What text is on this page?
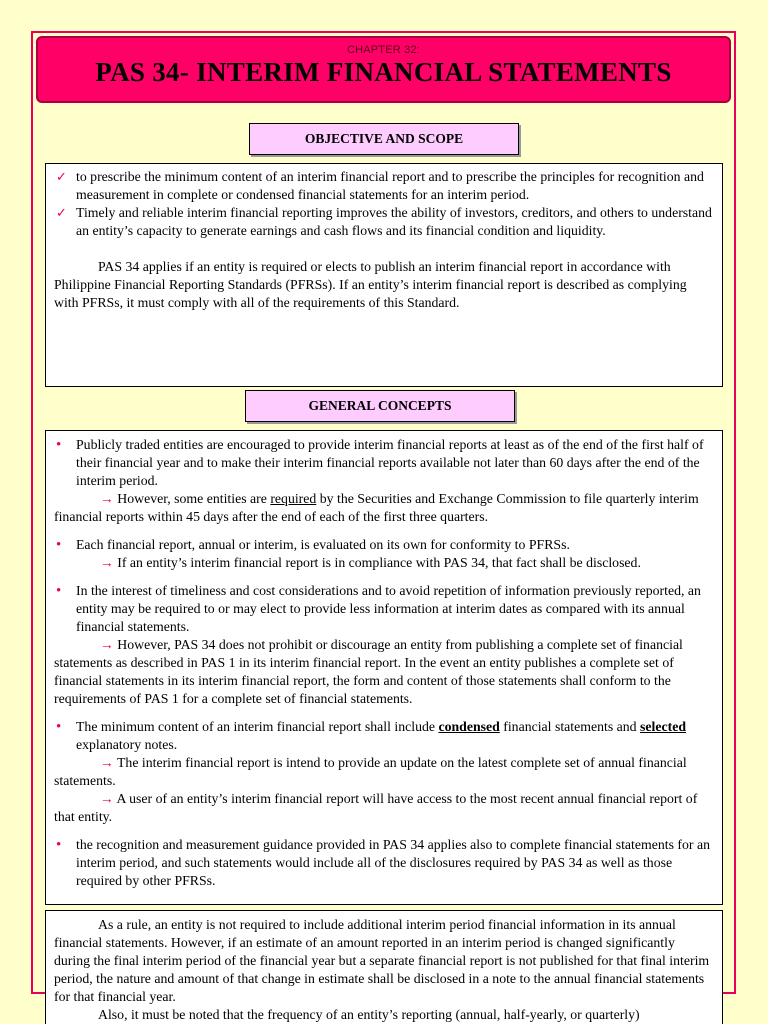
CHAPTER 32:
PAS 34- INTERIM FINANCIAL STATEMENTS
OBJECTIVE AND SCOPE
✓ to prescribe the minimum content of an interim financial report and to prescribe the principles for recognition and measurement in complete or condensed financial statements for an interim period.
✓ Timely and reliable interim financial reporting improves the ability of investors, creditors, and others to understand an entity’s capacity to generate earnings and cash flows and its financial condition and liquidity.

PAS 34 applies if an entity is required or elects to publish an interim financial report in accordance with Philippine Financial Reporting Standards (PFRSs). If an entity’s interim financial report is described as complying with PFRSs, it must comply with all of the requirements of this Standard.

GENERAL CONCEPTS
• Publicly traded entities are encouraged to provide interim financial reports at least as of the end of the first half of their financial year and to make their interim financial reports available not later than 60 days after the end of the interim period.

→ However, some entities are required by the Securities and Exchange Commission to file quarterly interim financial reports within 45 days after the end of each of the first three quarters.

• Each financial report, annual or interim, is evaluated on its own for conformity to PFRSs.

→ If an entity’s interim financial report is in compliance with PAS 34, that fact shall be disclosed.

• In the interest of timeliness and cost considerations and to avoid repetition of information previously reported, an entity may be required to or may elect to provide less information at interim dates as compared with its annual financial statements.

→ However, PAS 34 does not prohibit or discourage an entity from publishing a complete set of financial statements as described in PAS 1 in its interim financial report. In the event an entity publishes a complete set of financial statements in its interim financial report, the form and content of those statements shall conform to the requirements of PAS 1 for a complete set of financial statements.

• The minimum content of an interim financial report shall include condensed financial statements and selected explanatory notes.

→ The interim financial report is intend to provide an update on the latest complete set of annual financial statements.

→ A user of an entity’s interim financial report will have access to the most recent annual financial report of that entity.

• the recognition and measurement guidance provided in PAS 34 applies also to complete financial statements for an interim period, and such statements would include all of the disclosures required by PAS 34 as well as those required by other PFRSs.

As a rule, an entity is not required to include additional interim period financial information in its annual financial statements. However, if an estimate of an amount reported in an interim period is changed significantly during the final interim period of the financial year but a separate financial report is not published for that final interim period, the nature and amount of that change in estimate shall be disclosed in a note to the annual financial statements for that financial year.

Also, it must be noted that the frequency of an entity’s reporting (annual, half-yearly, or quarterly)
